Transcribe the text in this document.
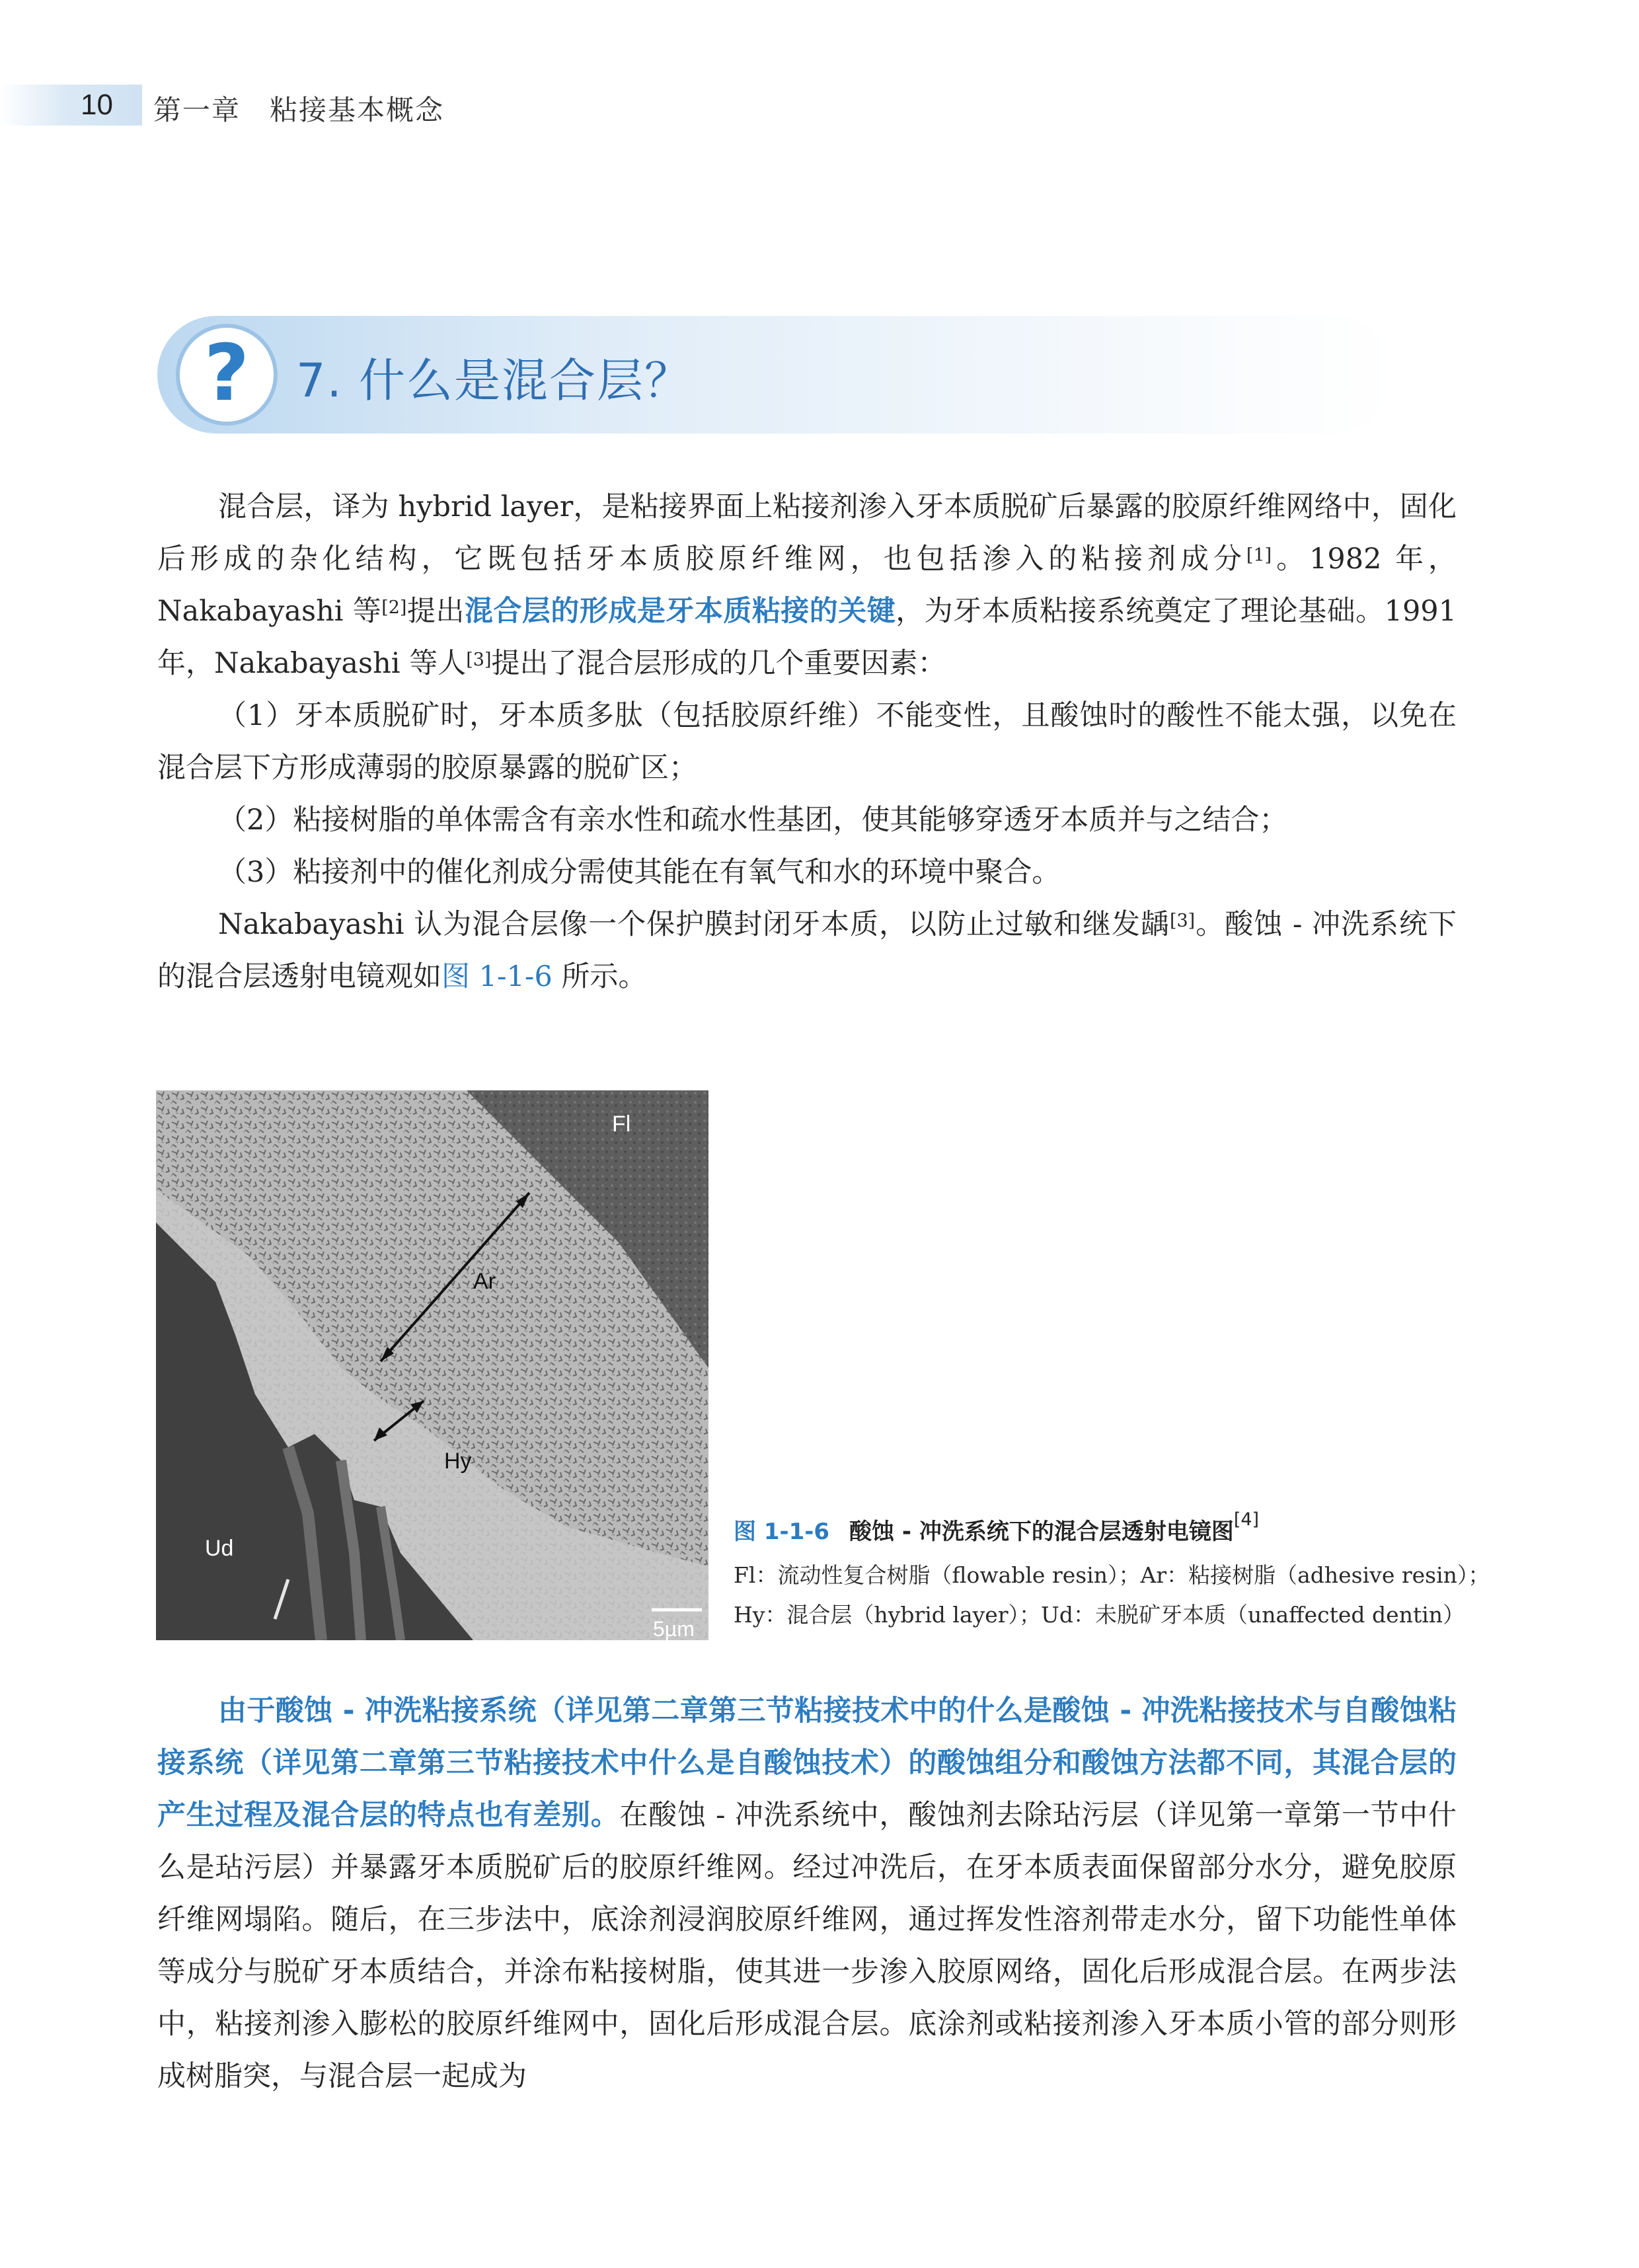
10 第一章 粘接基本概念
? 7. 什么是混合层？

混合层，译为 hybrid layer，是粘接界面上粘接剂渗入牙本质脱矿后暴露的胶原纤维网络中，固化后形成的杂化结构，它既包括牙本质胶原纤维网，也包括渗入的粘接剂成分[1]。1982 年，Nakabayashi 等[2]提出混合层的形成是牙本质粘接的关键，为牙本质粘接系统奠定了理论基础。1991 年，Nakabayashi 等人[3]提出了混合层形成的几个重要因素：

（1）牙本质脱矿时，牙本质多肽（包括胶原纤维）不能变性，且酸蚀时的酸性不能太强，以免在混合层下方形成薄弱的胶原暴露的脱矿区；

（2）粘接树脂的单体需含有亲水性和疏水性基团，使其能够穿透牙本质并与之结合；

（3）粘接剂中的催化剂成分需使其能在有氧气和水的环境中聚合。

Nakabayashi 认为混合层像一个保护膜封闭牙本质，以防止过敏和继发龋[3]。酸蚀 - 冲洗系统下的混合层透射电镜观如图 1-1-6 所示。

Fl
Ar
Hy
Ud
5µm
图 1-1-6 酸蚀 - 冲洗系统下的混合层透射电镜图[4]
Fl：流动性复合树脂（flowable resin）；Ar：粘接树脂（adhesive resin）；
Hy：混合层（hybrid layer）；Ud：未脱矿牙本质（unaffected dentin）

由于酸蚀 - 冲洗粘接系统（详见第二章第三节粘接技术中的什么是酸蚀 - 冲洗粘接技术与自酸蚀粘接系统（详见第二章第三节粘接技术中什么是自酸蚀技术）的酸蚀组分和酸蚀方法都不同，其混合层的产生过程及混合层的特点也有差别。在酸蚀 - 冲洗系统中，酸蚀剂去除玷污层（详见第一章第一节中什么是玷污层）并暴露牙本质脱矿后的胶原纤维网。经过冲洗后，在牙本质表面保留部分水分，避免胶原纤维网塌陷。随后，在三步法中，底涂剂浸润胶原纤维网，通过挥发性溶剂带走水分，留下功能性单体等成分与脱矿牙本质结合，并涂布粘接树脂，使其进一步渗入胶原网络，固化后形成混合层。在两步法中，粘接剂渗入膨松的胶原纤维网中，固化后形成混合层。底涂剂或粘接剂渗入牙本质小管的部分则形成树脂突，与混合层一起成为
